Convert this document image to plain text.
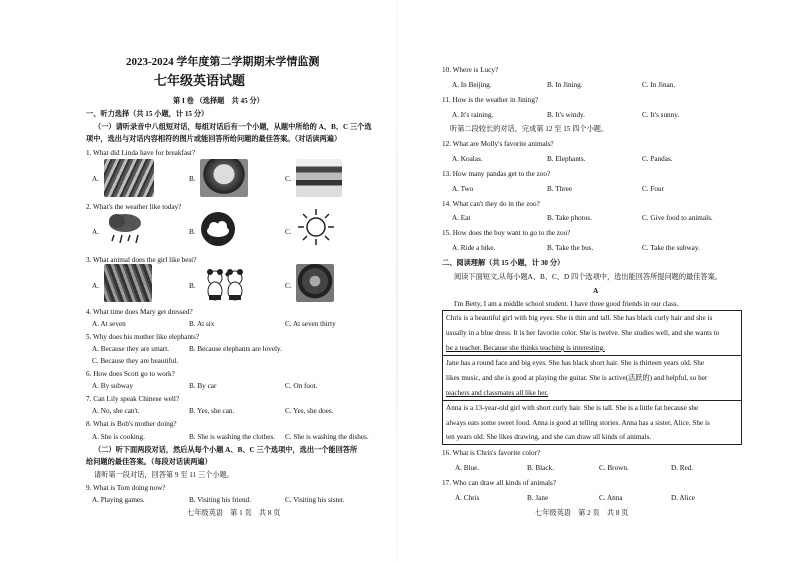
2023-2024 学年度第二学期期末学情监测
七年级英语试题
第 I 卷 （选择题　共 45 分）
一、听力选择（共 15 小题，计 15 分）
（一）请听录音中八组短对话，每组对话后有一个小题，从题中所给的 A、B、C 三个选
项中，选出与对话内容相符的图片或能回答所给问题的最佳答案。（对话读两遍）
1. What did Linda have for breakfast?
A.	B.	C.
2. What's the weather like today?
A.	B.	C.
3. What animal does the girl like best?
A.	B.	C.
4. What time does Mary get dressed?
A. At seven	B. At six	C. At seven thirty
5. Why does his mother like elephants?
A. Because they are smart.	B. Because elephants are lovely.
C. Because they are beautiful.
6. How does Scott go to work?
A. By subway	B. By car	C. On foot.
7. Can Lily speak Chinese well?
A. No, she can't.	B. Yes, she can.	C. Yes, she does.
8. What is Bob's mother doing?
A. She is cooking.	B. She is washing the clothes. C. She is washing the dishes.
（二）听下面两段对话，然后从每个小题 A、B、C 三个选项中，选出一个能回答所
给问题的最佳答案。（每段对话读两遍）
请听第一段对话，回答第 9 至 11 三个小题。
9. What is Tom doing now?
A. Playing games.	B. Visiting his friend.	C. Visiting his sister.
七年级英语　第 1 页　共 8 页
10. Where is Lucy?
A. In Beijing.	B. In Jining.	C. In Jinan.
11. How is the weather in Jining?
A. It's raining.	B. It's windy.	C. It's sunny.
听第二段较长的对话，完成第 12 至 15 四个小题。
12. What are Molly's favorite animals?
A. Koalas.	B. Elephants.	C. Pandas.
13. How many pandas get to the zoo?
A. Two	B. Three	C. Four
14. What can't they do in the zoo?
A. Eat	B. Take photos.	C. Give food to animals.
15. How does the boy want to go to the zoo?
A. Ride a bike.	B. Take the bus.	C. Take the subway.
二、阅读理解（共 15 小题，计 30 分）
阅读下面短文,从每小题A、B、C、D 四个选项中，选出能回答所提问题的最佳答案。
A
I'm Betty, I am a middle school student. I have three good friends in our class.
Chris is a beautiful girl with big eyes. She is thin and tall. She has black curly hair and she is
usually in a blue dress. It is her favorite color. She is twelve. She studies well, and she wants to
be a teacher. Because she thinks teaching is interesting.
Jane has a round face and big eyes. She has black short hair. She is thirteen years old. She
likes music, and she is good at playing the guitar. She is active(活跃的) and helpful, so her
teachers and classmates all like her.
Anna is a 13-year-old girl with short curly hair. She is tall. She is a little fat because she
always eats some sweet food. Anna is good at telling stories. Anna has a sister, Alice. She is
ten years old. She likes drawing, and she can draw all kinds of animals.
16. What is Chris's favorite color?
A. Blue.	B. Black.	C. Brown.	D. Red.
17. Who can draw all kinds of animals?
A. Chris	B. Jane	C. Anna	D. Alice
七年级英语　第 2 页　共 8 页
